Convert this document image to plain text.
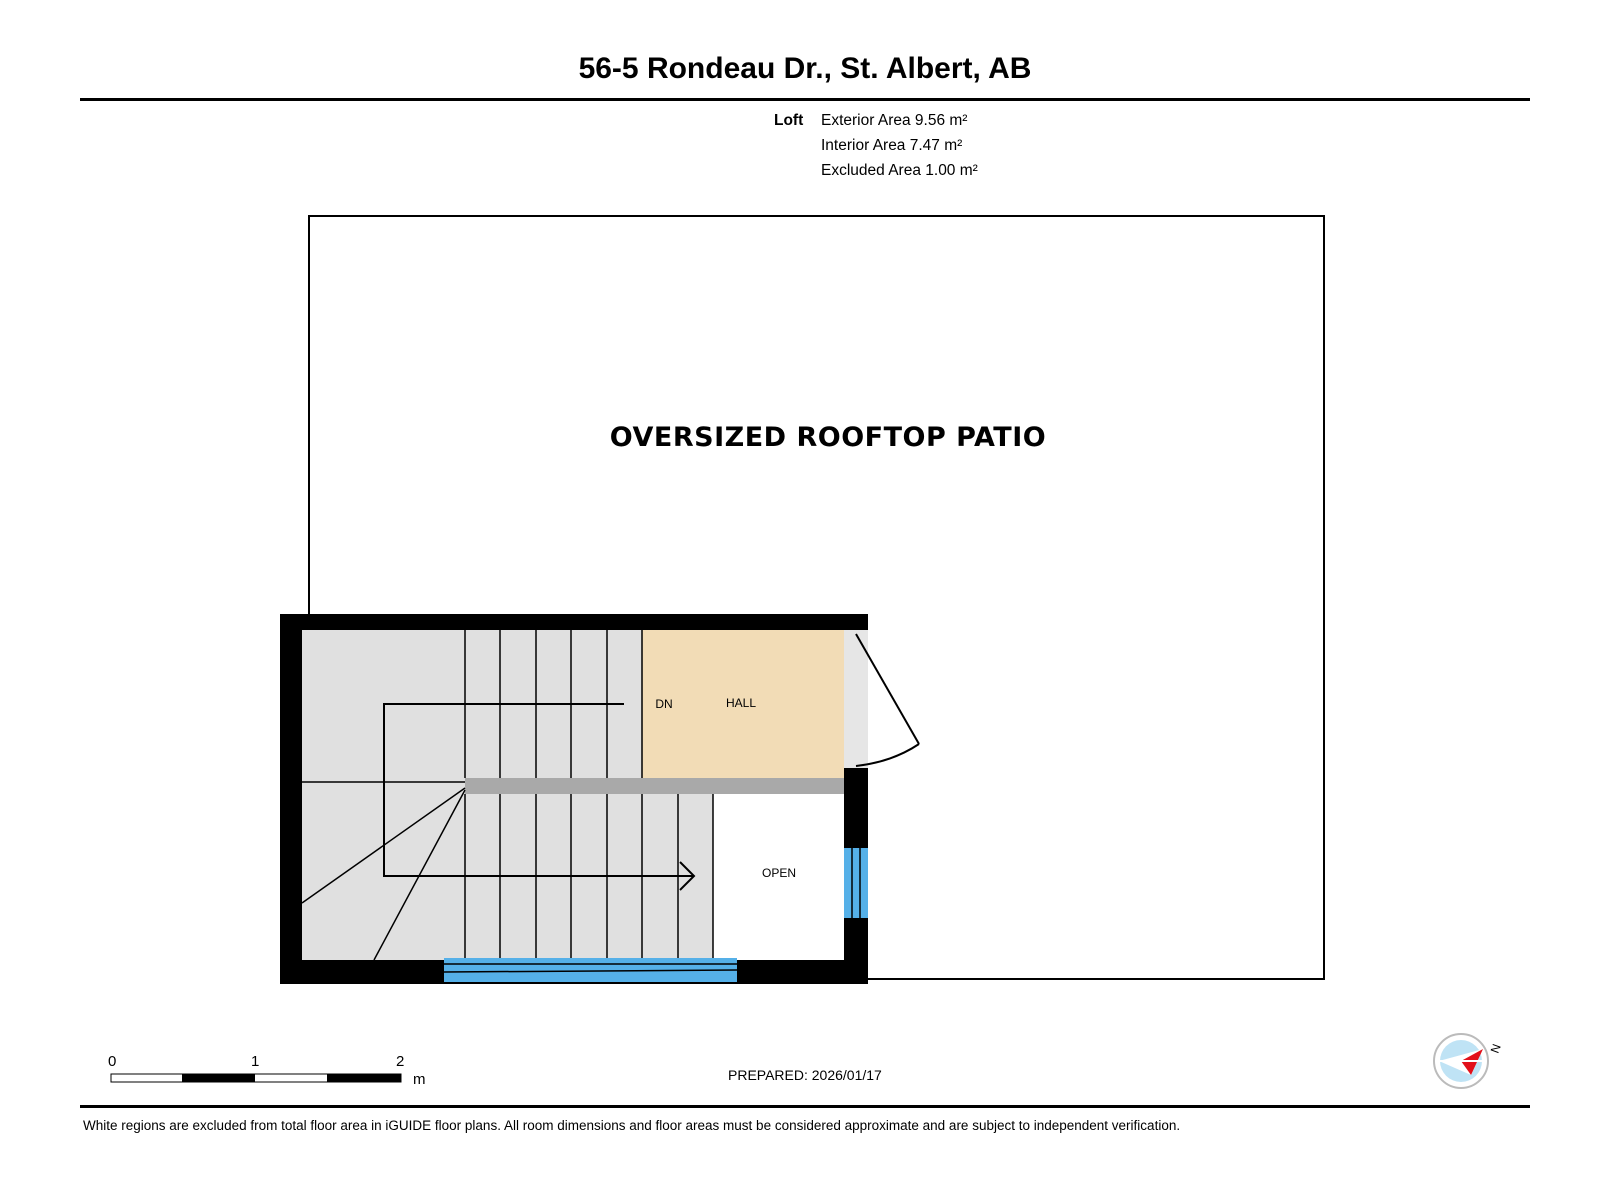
56-5 Rondeau Dr., St. Albert, AB
Loft Exterior Area 9.56 m²
Interior Area 7.47 m²
Excluded Area 1.00 m²
OVERSIZED ROOFTOP PATIO
DN	HALL
OPEN
N
0	1	2
m	PREPARED: 2026/01/17
White regions are excluded from total floor area in iGUIDE floor plans. All room dimensions and floor areas must be considered approximate and are subject to independent verification.
